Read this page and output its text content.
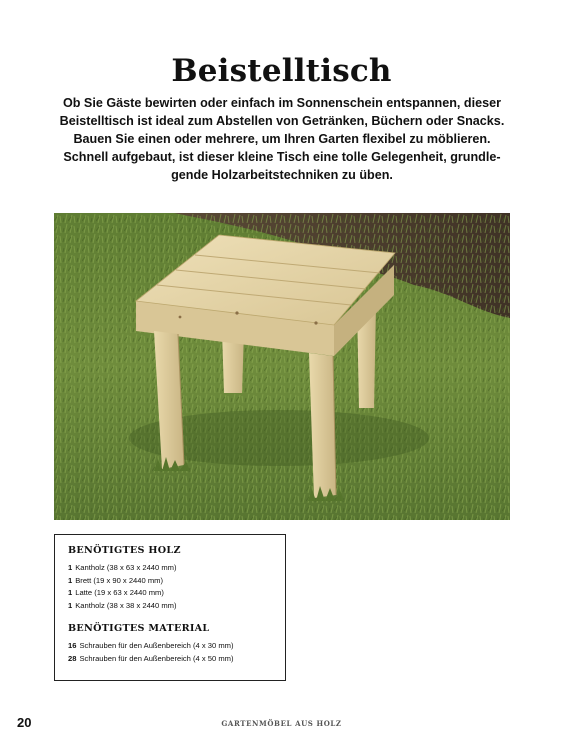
Beistelltisch
Ob Sie Gäste bewirten oder einfach im Sonnenschein entspannen, dieser
Beistelltisch ist ideal zum Abstellen von Getränken, Büchern oder Snacks.
Bauen Sie einen oder mehrere, um Ihren Garten flexibel zu möblieren.
Schnell aufgebaut, ist dieser kleine Tisch eine tolle Gelegenheit, grundle-
gende Holzarbeitstechniken zu üben.
BENÖTIGTES HOLZ
1 Kantholz (38 x 63 x 2440 mm)
1 Brett (19 x 90 x 2440 mm)
1 Latte (19 x 63 x 2440 mm)
1 Kantholz (38 x 38 x 2440 mm)
BENÖTIGTES MATERIAL
16 Schrauben für den Außenbereich (4 x 30 mm)
28 Schrauben für den Außenbereich (4 x 50 mm)
20	GARTENMÖBEL AUS HOLZ
